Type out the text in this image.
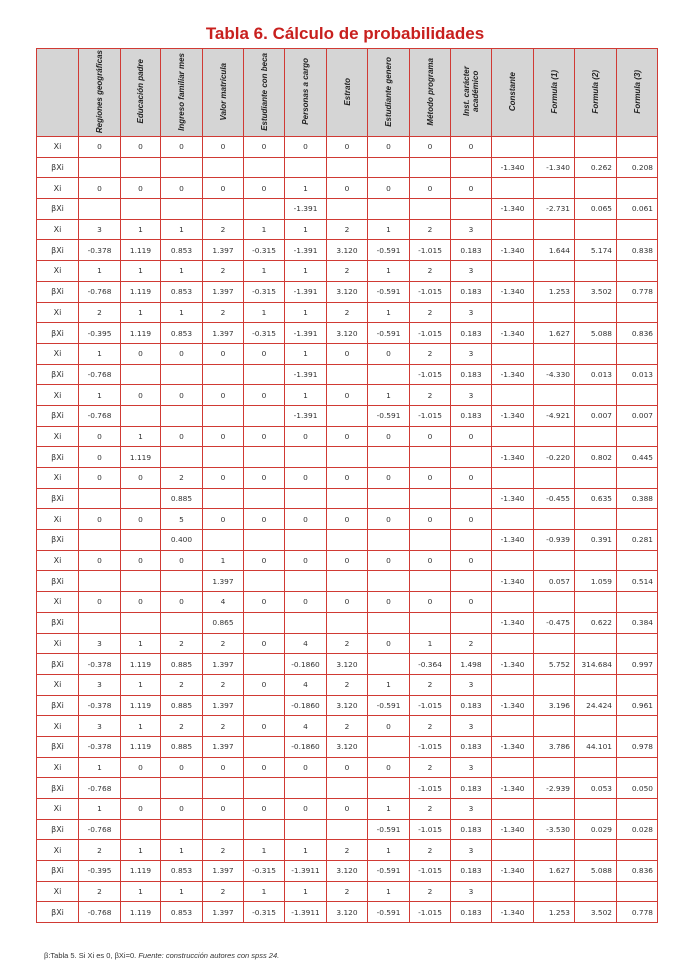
Tabla 6. Cálculo de probabilidades
	Regiones geográficas	Educación padre	Ingreso familiar mes	Valor matrícula	Estudiante con beca	Personas a cargo	Estrato	Estudiante genero	Método programa	Inst. carácter académico	Constante	Formula (1)	Formula (2)	Formula (3)
Xi	0	0	0	0	0	0	0	0	0	0				
βXi											-1.340	-1.340	0.262	0.208
Xi	0	0	0	0	0	1	0	0	0	0				
βXi						-1.391					-1.340	-2.731	0.065	0.061
Xi	3	1	1	2	1	1	2	1	2	3				
βXi	-0.378	1.119	0.853	1.397	-0.315	-1.391	3.120	-0.591	-1.015	0.183	-1.340	1.644	5.174	0.838
Xi	1	1	1	2	1	1	2	1	2	3				
βXi	-0.768	1.119	0.853	1.397	-0.315	-1.391	3.120	-0.591	-1.015	0.183	-1.340	1.253	3.502	0.778
Xi	2	1	1	2	1	1	2	1	2	3				
βXi	-0.395	1.119	0.853	1.397	-0.315	-1.391	3.120	-0.591	-1.015	0.183	-1.340	1.627	5.088	0.836
Xi	1	0	0	0	0	1	0	0	2	3				
βXi	-0.768					-1.391			-1.015	0.183	-1.340	-4.330	0.013	0.013
Xi	1	0	0	0	0	1	0	1	2	3				
βXi	-0.768					-1.391		-0.591	-1.015	0.183	-1.340	-4.921	0.007	0.007
Xi	0	1	0	0	0	0	0	0	0	0				
βXi	0	1.119									-1.340	-0.220	0.802	0.445
Xi	0	0	2	0	0	0	0	0	0	0				
βXi			0.885								-1.340	-0.455	0.635	0.388
Xi	0	0	5	0	0	0	0	0	0	0				
βXi			0.400								-1.340	-0.939	0.391	0.281
Xi	0	0	0	1	0	0	0	0	0	0				
βXi				1.397							-1.340	0.057	1.059	0.514
Xi	0	0	0	4	0	0	0	0	0	0				
βXi				0.865							-1.340	-0.475	0.622	0.384
Xi	3	1	2	2	0	4	2	0	1	2				
βXi	-0.378	1.119	0.885	1.397		-0.1860	3.120		-0.364	1.498	-1.340	5.752	314.684	0.997
Xi	3	1	2	2	0	4	2	1	2	3				
βXi	-0.378	1.119	0.885	1.397		-0.1860	3.120	-0.591	-1.015	0.183	-1.340	3.196	24.424	0.961
Xi	3	1	2	2	0	4	2	0	2	3				
βXi	-0.378	1.119	0.885	1.397		-0.1860	3.120		-1.015	0.183	-1.340	3.786	44.101	0.978
Xi	1	0	0	0	0	0	0	0	2	3				
βXi	-0.768								-1.015	0.183	-1.340	-2.939	0.053	0.050
Xi	1	0	0	0	0	0	0	1	2	3				
βXi	-0.768							-0.591	-1.015	0.183	-1.340	-3.530	0.029	0.028
Xi	2	1	1	2	1	1	2	1	2	3				
βXi	-0.395	1.119	0.853	1.397	-0.315	-1.3911	3.120	-0.591	-1.015	0.183	-1.340	1.627	5.088	0.836
Xi	2	1	1	2	1	1	2	1	2	3				
βXi	-0.768	1.119	0.853	1.397	-0.315	-1.3911	3.120	-0.591	-1.015	0.183	-1.340	1.253	3.502	0.778
β:Tabla 5. Si Xi es 0, βXi=0. Fuente: construcción autores con spss 24.
